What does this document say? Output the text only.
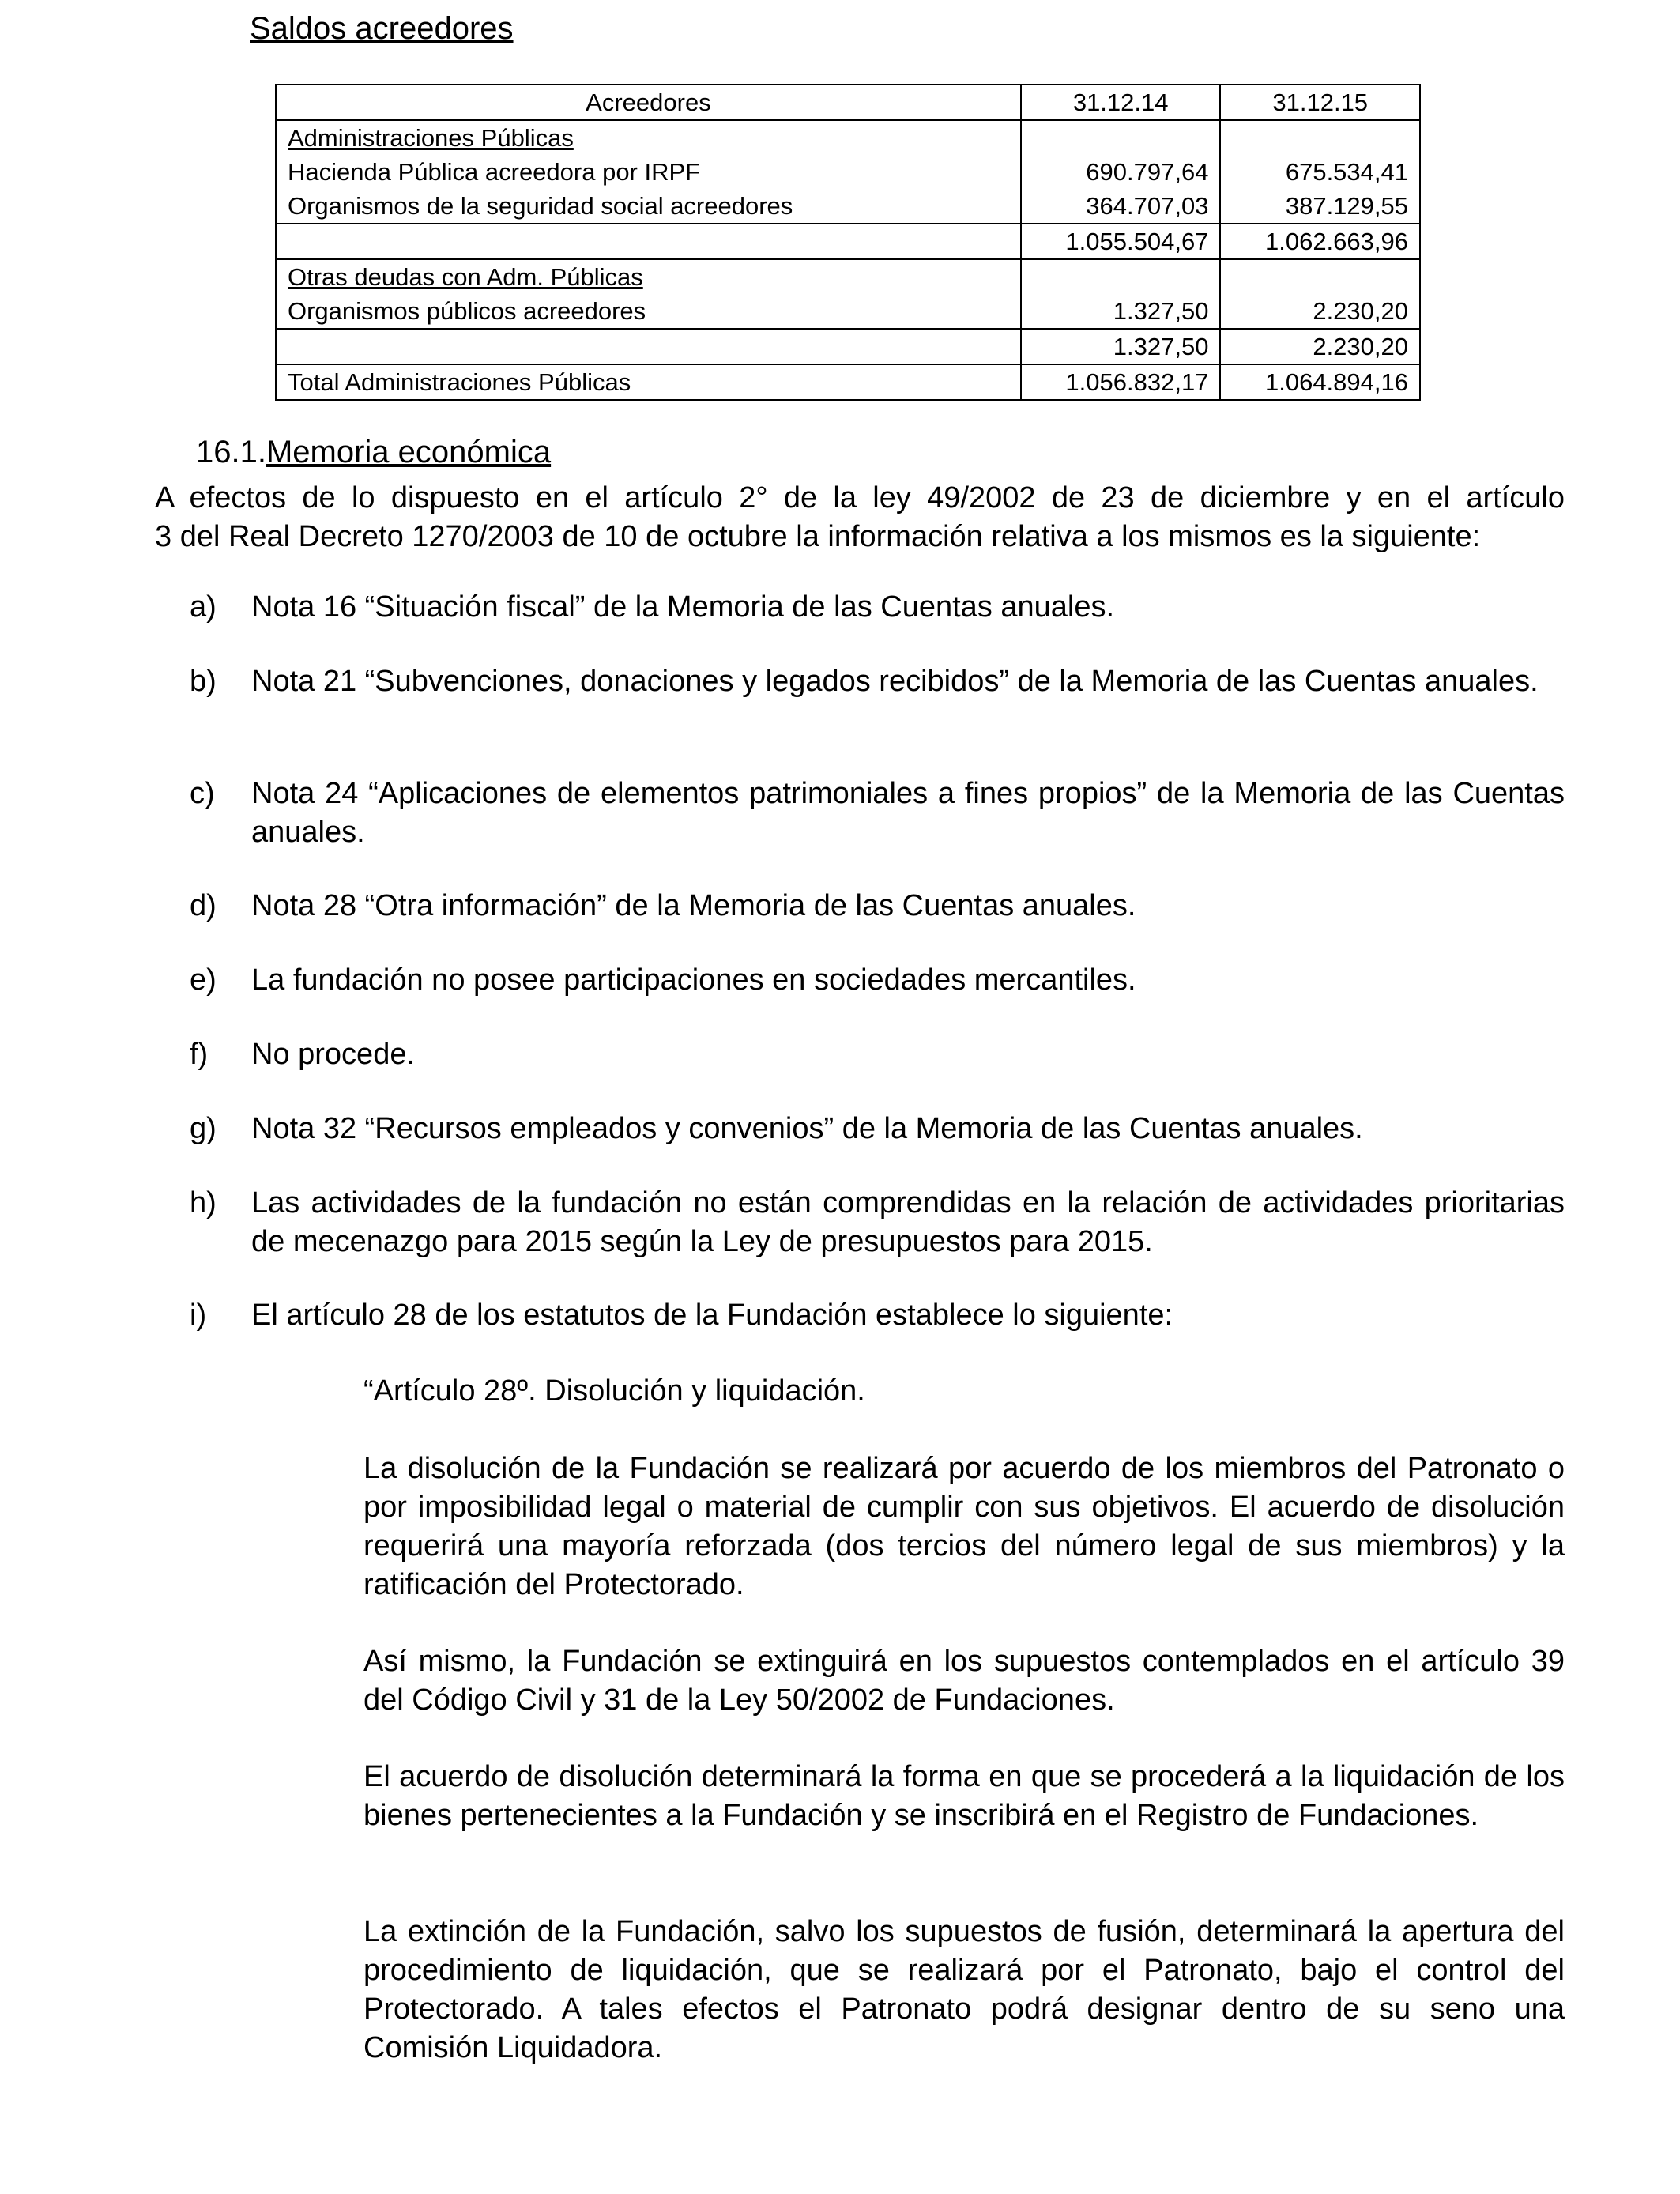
Saldos acreedores
Acreedores	31.12.14	31.12.15
Administraciones Públicas		
Hacienda Pública acreedora por IRPF	690.797,64	675.534,41
Organismos de la seguridad social acreedores	364.707,03	387.129,55
	1.055.504,67	1.062.663,96
Otras deudas con Adm. Públicas		
Organismos públicos acreedores	1.327,50	2.230,20
	1.327,50	2.230,20
Total Administraciones Públicas	1.056.832,17	1.064.894,16
16.1.Memoria económica
A efectos de lo dispuesto en el artículo 2° de la ley 49/2002 de 23 de diciembre y en el artículo
3 del Real Decreto 1270/2003 de 10 de octubre la información relativa a los mismos es la siguiente:
a) Nota 16 “Situación fiscal” de la Memoria de las Cuentas anuales.
b) Nota 21 “Subvenciones, donaciones y legados recibidos” de la Memoria de las Cuentas anuales.
c) Nota 24 “Aplicaciones de elementos patrimoniales a fines propios” de la Memoria de las Cuentas anuales.
d) Nota 28 “Otra información” de la Memoria de las Cuentas anuales.
e) La fundación no posee participaciones en sociedades mercantiles.
f) No procede.
g) Nota 32 “Recursos empleados y convenios” de la Memoria de las Cuentas anuales.
h) Las actividades de la fundación no están comprendidas en la relación de actividades prioritarias de mecenazgo para 2015 según la Ley de presupuestos para 2015.
i) El artículo 28 de los estatutos de la Fundación establece lo siguiente:
“Artículo 28º. Disolución y liquidación.
La disolución de la Fundación se realizará por acuerdo de los miembros del Patronato o por imposibilidad legal o material de cumplir con sus objetivos. El acuerdo de disolución requerirá una mayoría reforzada (dos tercios del número legal de sus miembros) y la ratificación del Protectorado.
Así mismo, la Fundación se extinguirá en los supuestos contemplados en el artículo 39 del Código Civil y 31 de la Ley 50/2002 de Fundaciones.
El acuerdo de disolución determinará la forma en que se procederá a la liquidación de los bienes pertenecientes a la Fundación y se inscribirá en el Registro de Fundaciones.
La extinción de la Fundación, salvo los supuestos de fusión, determinará la apertura del procedimiento de liquidación, que se realizará por el Patronato, bajo el control del Protectorado. A tales efectos el Patronato podrá designar dentro de su seno una Comisión Liquidadora.
